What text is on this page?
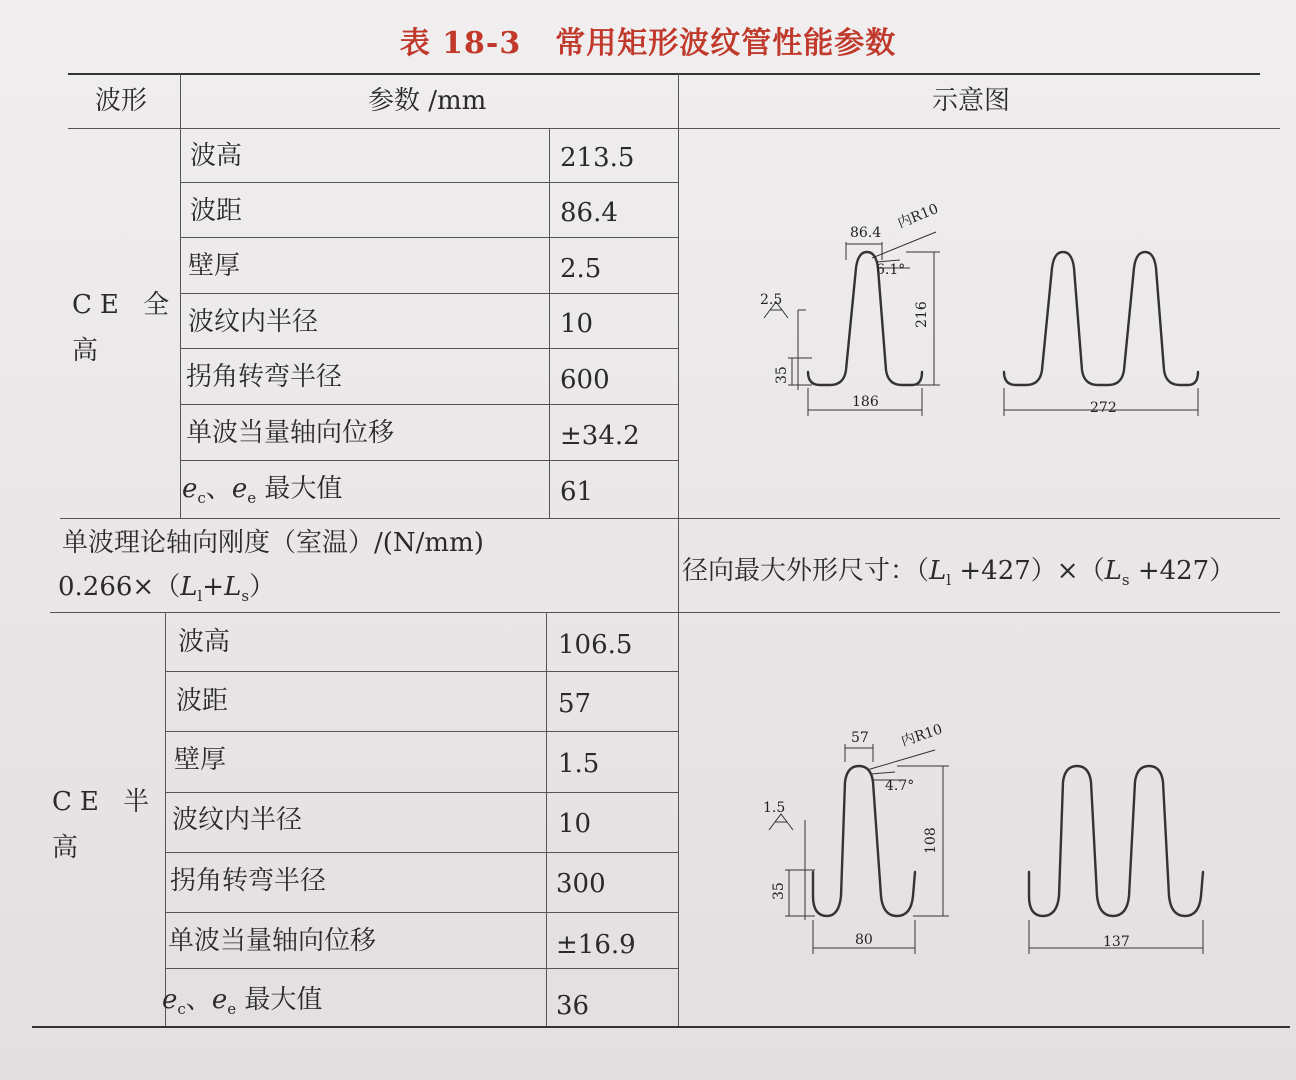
表 18-3 常用矩形波纹管性能参数
波形	参数 /mm	示意图
CE 全
高
波高	213.5
波距	86.4
壁厚	2.5
波纹内半径	10
拐角转弯半径	600
单波当量轴向位移	±34.2
$e_c$、$e_e$ 最大值	61
单波理论轴向刚度（室温）/(N/mm)
$0.266\times(L_l+L_s)$
径向最大外形尺寸：$(L_l +427)\times(L_s +427)$
CE 半
高
波高	106.5
波距	57
壁厚	1.5
波纹内半径	10
拐角转弯半径	300
单波当量轴向位移	±16.9
$e_c$、$e_e$ 最大值	36
86.4
内R10
6.1°
216
2.5
35
186	272
57 内R10
4.7°
108
1.5
35
80	137
